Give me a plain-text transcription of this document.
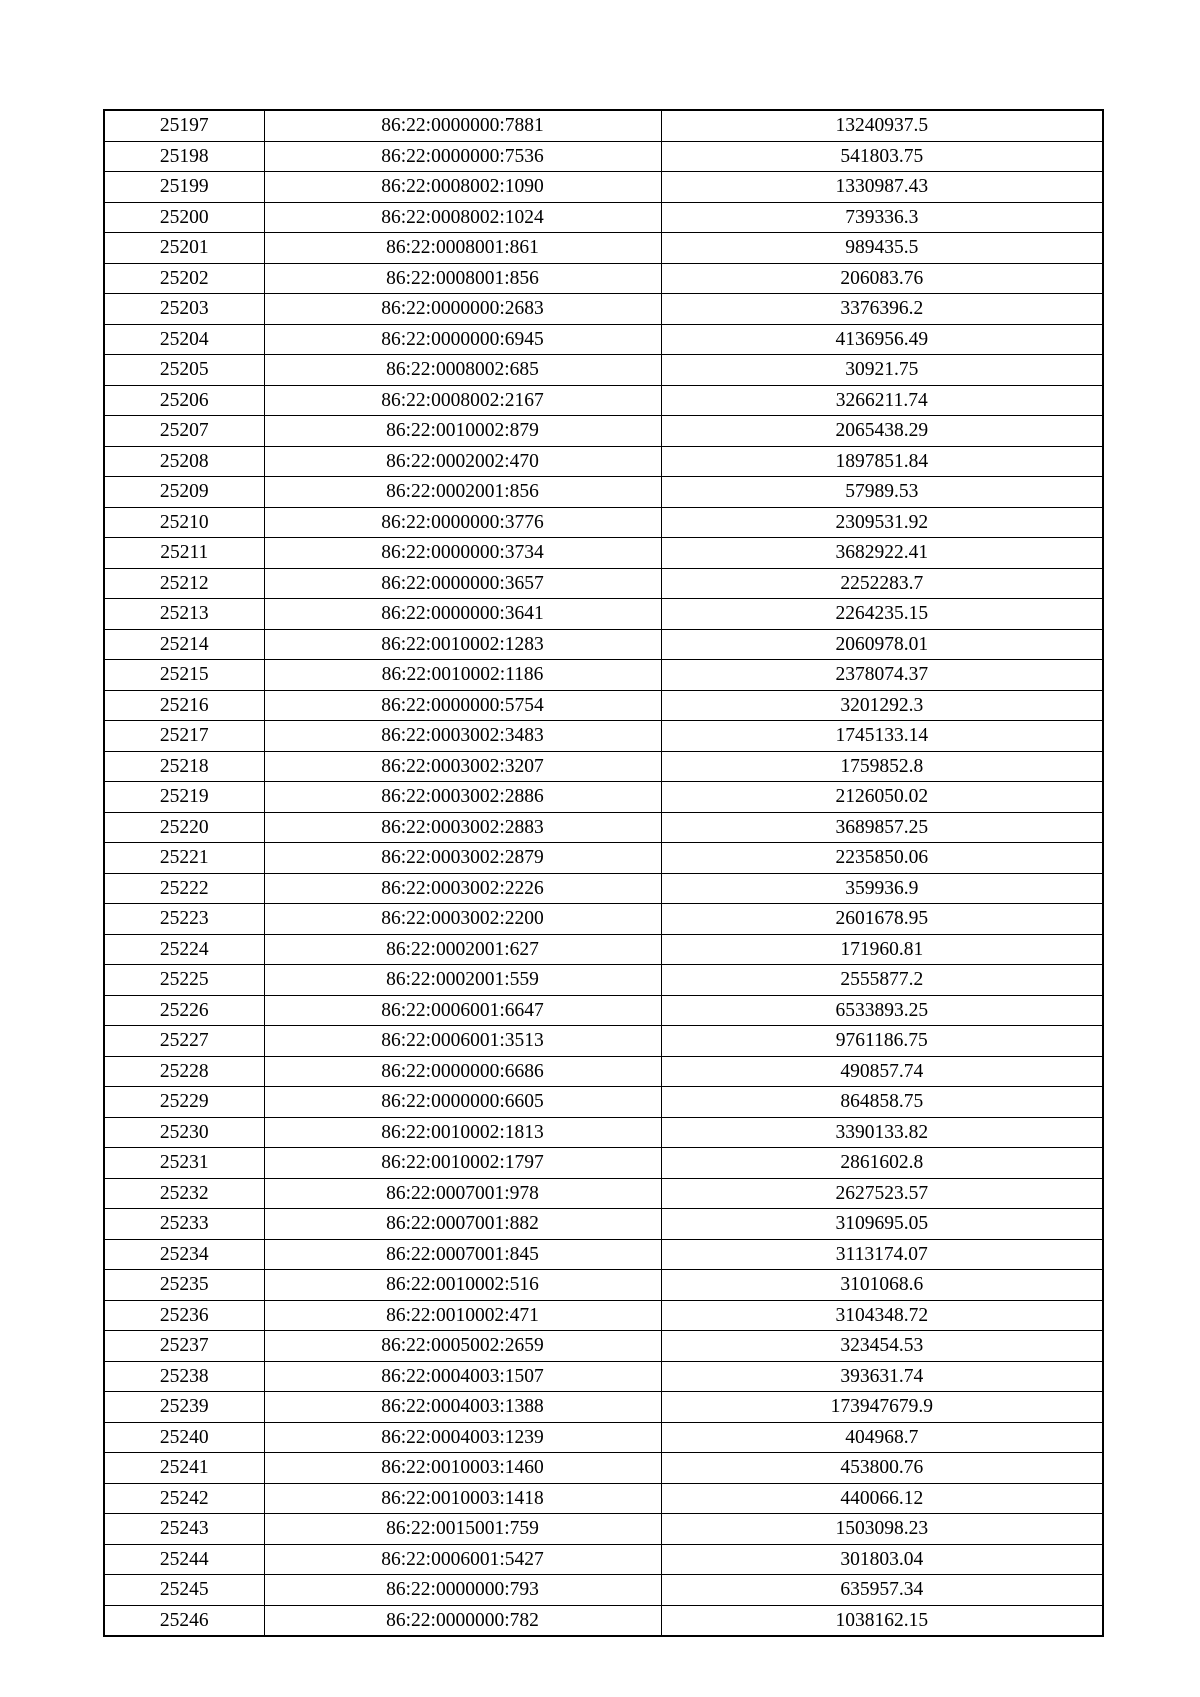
25197	86:22:0000000:7881	13240937.5
25198	86:22:0000000:7536	541803.75
25199	86:22:0008002:1090	1330987.43
25200	86:22:0008002:1024	739336.3
25201	86:22:0008001:861	989435.5
25202	86:22:0008001:856	206083.76
25203	86:22:0000000:2683	3376396.2
25204	86:22:0000000:6945	4136956.49
25205	86:22:0008002:685	30921.75
25206	86:22:0008002:2167	3266211.74
25207	86:22:0010002:879	2065438.29
25208	86:22:0002002:470	1897851.84
25209	86:22:0002001:856	57989.53
25210	86:22:0000000:3776	2309531.92
25211	86:22:0000000:3734	3682922.41
25212	86:22:0000000:3657	2252283.7
25213	86:22:0000000:3641	2264235.15
25214	86:22:0010002:1283	2060978.01
25215	86:22:0010002:1186	2378074.37
25216	86:22:0000000:5754	3201292.3
25217	86:22:0003002:3483	1745133.14
25218	86:22:0003002:3207	1759852.8
25219	86:22:0003002:2886	2126050.02
25220	86:22:0003002:2883	3689857.25
25221	86:22:0003002:2879	2235850.06
25222	86:22:0003002:2226	359936.9
25223	86:22:0003002:2200	2601678.95
25224	86:22:0002001:627	171960.81
25225	86:22:0002001:559	2555877.2
25226	86:22:0006001:6647	6533893.25
25227	86:22:0006001:3513	9761186.75
25228	86:22:0000000:6686	490857.74
25229	86:22:0000000:6605	864858.75
25230	86:22:0010002:1813	3390133.82
25231	86:22:0010002:1797	2861602.8
25232	86:22:0007001:978	2627523.57
25233	86:22:0007001:882	3109695.05
25234	86:22:0007001:845	3113174.07
25235	86:22:0010002:516	3101068.6
25236	86:22:0010002:471	3104348.72
25237	86:22:0005002:2659	323454.53
25238	86:22:0004003:1507	393631.74
25239	86:22:0004003:1388	173947679.9
25240	86:22:0004003:1239	404968.7
25241	86:22:0010003:1460	453800.76
25242	86:22:0010003:1418	440066.12
25243	86:22:0015001:759	1503098.23
25244	86:22:0006001:5427	301803.04
25245	86:22:0000000:793	635957.34
25246	86:22:0000000:782	1038162.15
